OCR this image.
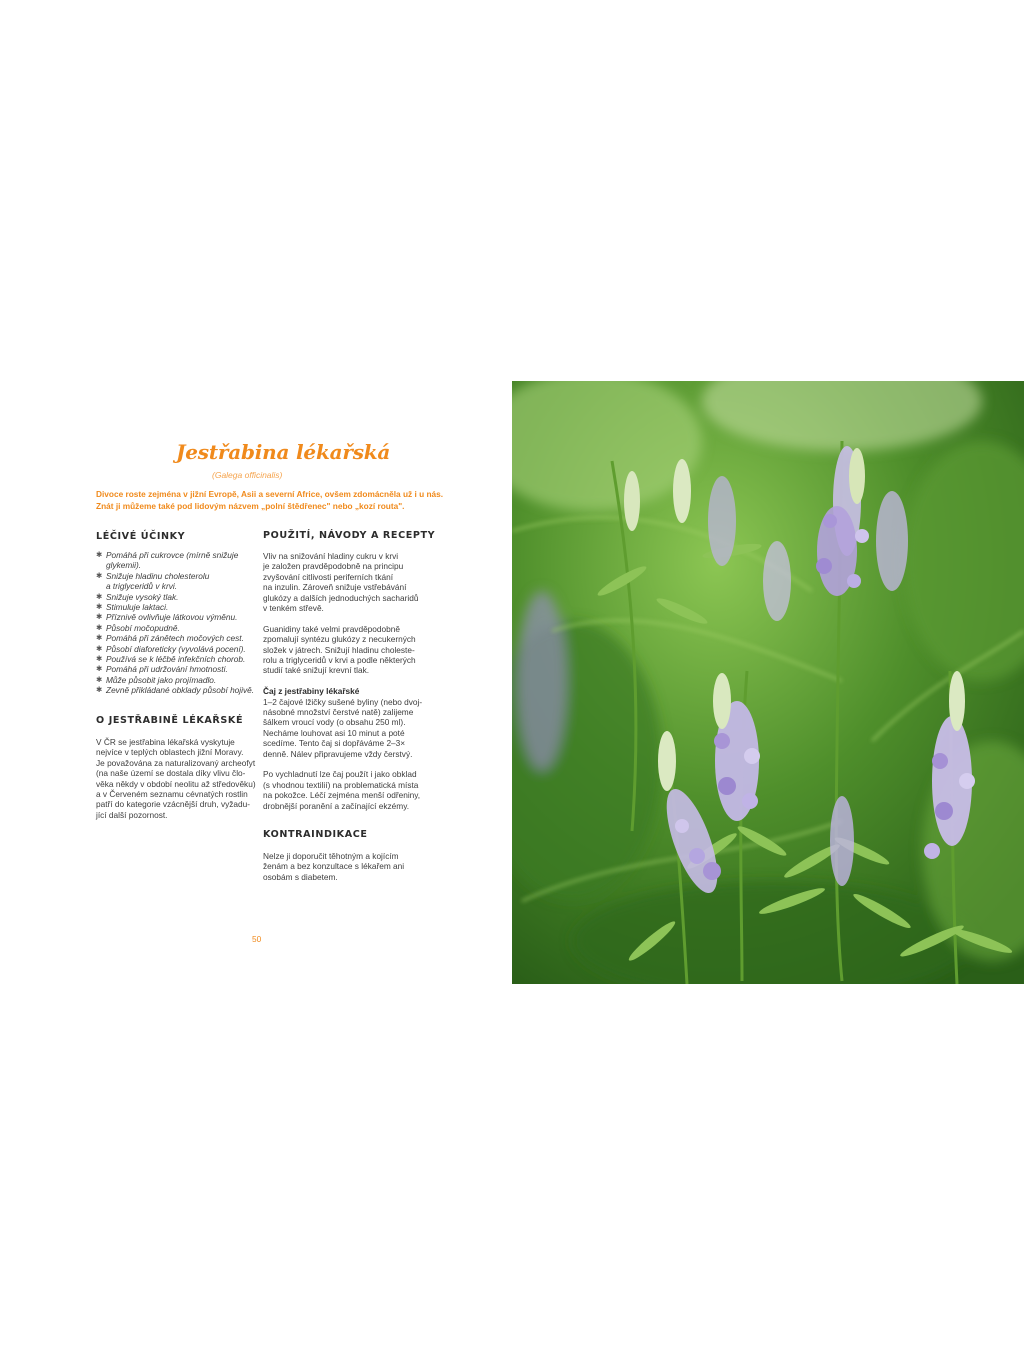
Jestřabina lékařská
(Galega officinalis)
Divoce roste zejména v jižní Evropě, Asii a severní Africe, ovšem zdomácněla už i u nás.
Znát ji můžeme také pod lidovým názvem „polní štědřenec" nebo „kozí routa".
LÉČIVÉ ÚČINKY
✱ Pomáhá při cukrovce (mírně snižuje
glykemii).
✱ Snižuje hladinu cholesterolu
a triglyceridů v krvi.
✱ Snižuje vysoký tlak.
✱ Stimuluje laktaci.
✱ Příznivě ovlivňuje látkovou výměnu.
✱ Působí močopudně.
✱ Pomáhá při zánětech močových cest.
✱ Působí diaforeticky (vyvolává pocení).
✱ Používá se k léčbě infekčních chorob.
✱ Pomáhá při udržování hmotnosti.
✱ Může působit jako projímadlo.
✱ Zevně přikládané obklady působí hojivě.
O JESTŘABINĚ LÉKAŘSKÉ
V ČR se jestřabina lékařská vyskytuje
nejvíce v teplých oblastech jižní Moravy.
Je považována za naturalizovaný archeofyt
(na naše území se dostala díky vlivu člo-
věka někdy v období neolitu až středověku)
a v Červeném seznamu cévnatých rostlin
patří do kategorie vzácnější druh, vyžadu-
jící další pozornost.
POUŽITÍ, NÁVODY A RECEPTY
Vliv na snižování hladiny cukru v krvi
je založen pravděpodobně na principu
zvyšování citlivosti periferních tkání
na inzulin. Zároveň snižuje vstřebávání
glukózy a dalších jednoduchých sacharidů
v tenkém střevě.
Guanidiny také velmi pravděpodobně
zpomalují syntézu glukózy z necukerných
složek v játrech. Snižují hladinu choleste-
rolu a triglyceridů v krvi a podle některých
studií také snižují krevní tlak.
Čaj z jestřabiny lékařské
1–2 čajové lžičky sušené byliny (nebo dvoj-
násobné množství čerstvé natě) zalijeme
šálkem vroucí vody (o obsahu 250 ml).
Necháme louhovat asi 10 minut a poté
scedíme. Tento čaj si dopřáváme 2–3×
denně. Nálev připravujeme vždy čerstvý.
Po vychladnutí lze čaj použít i jako obklad
(s vhodnou textilií) na problematická místa
na pokožce. Léčí zejména menší odřeniny,
drobnější poranění a začínající ekzémy.
KONTRAINDIKACE
Nelze ji doporučit těhotným a kojícím
ženám a bez konzultace s lékařem ani
osobám s diabetem.
50
